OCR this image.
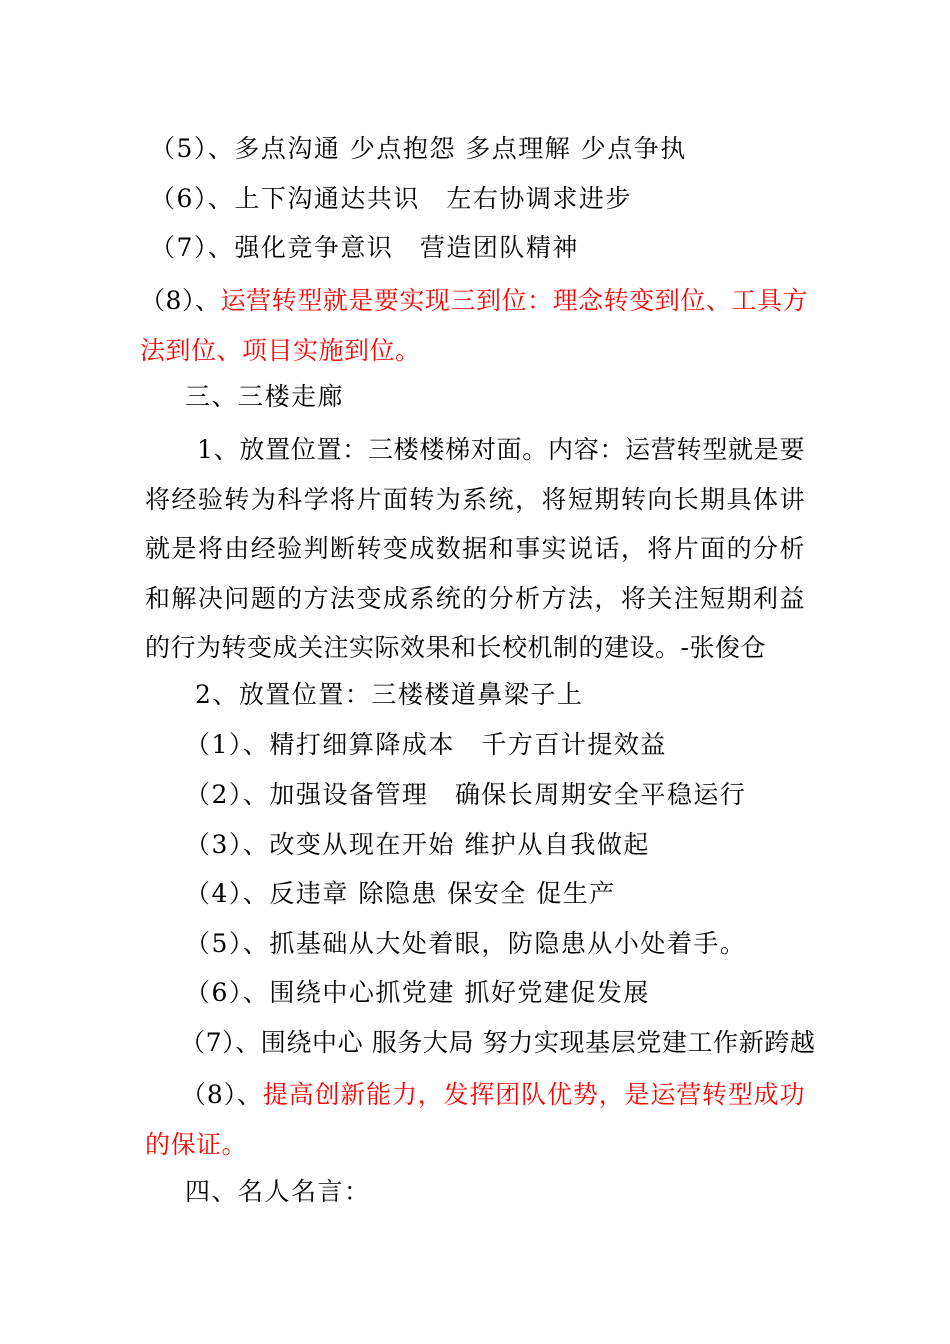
（5）、多点沟通 少点抱怨 多点理解 少点争执
（6）、上下沟通达共识　左右协调求进步
（7）、强化竞争意识　营造团队精神
（8）、运营转型就是要实现三到位：理念转变到位、工具方法到位、项目实施到位。
三、三楼走廊
1、放置位置：三楼楼梯对面。内容：运营转型就是要将经验转为科学将片面转为系统，将短期转向长期具体讲就是将由经验判断转变成数据和事实说话，将片面的分析和解决问题的方法变成系统的分析方法，将关注短期利益的行为转变成关注实际效果和长校机制的建设。-张俊仓
2、放置位置：三楼楼道鼻梁子上
（1）、精打细算降成本　千方百计提效益
（2）、加强设备管理　确保长周期安全平稳运行
（3）、改变从现在开始 维护从自我做起
（4）、反违章 除隐患 保安全 促生产
（5）、抓基础从大处着眼，防隐患从小处着手。
（6）、围绕中心抓党建 抓好党建促发展
（7）、围绕中心 服务大局 努力实现基层党建工作新跨越
（8）、提高创新能力，发挥团队优势，是运营转型成功的保证。
四、名人名言：
